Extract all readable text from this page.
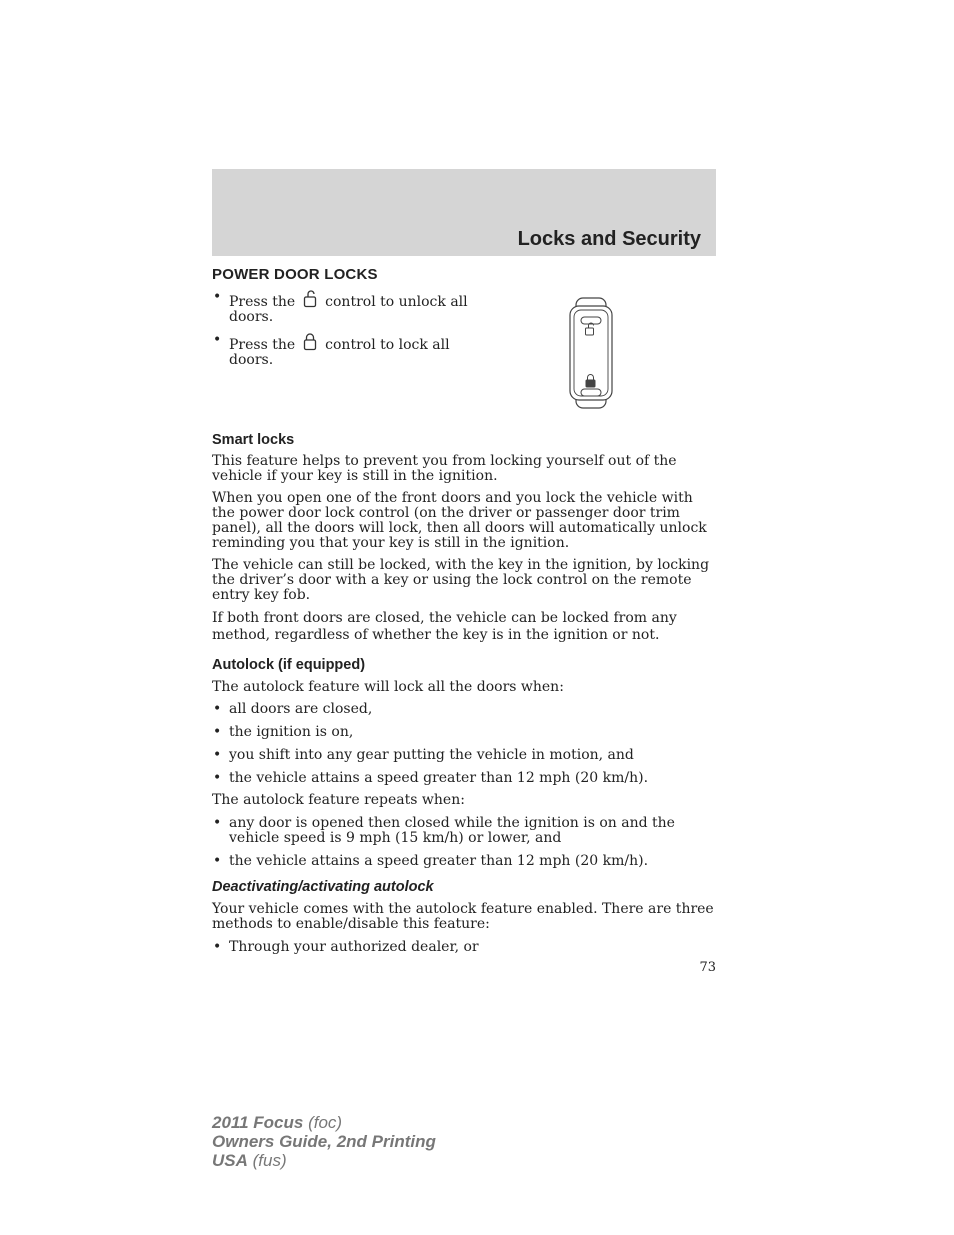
Locks and Security
POWER DOOR LOCKS
• Press the control to unlock all
doors.
• Press the control to lock all
doors.
Smart locks

This feature helps to prevent you from locking yourself out of the vehicle if your key is still in the ignition.

When you open one of the front doors and you lock the vehicle with the power door lock control (on the driver or passenger door trim panel), all the doors will lock, then all doors will automatically unlock reminding you that your key is still in the ignition.

The vehicle can still be locked, with the key in the ignition, by locking the driver’s door with a key or using the lock control on the remote entry key fob.

If both front doors are closed, the vehicle can be locked from any method, regardless of whether the key is in the ignition or not.

Autolock (if equipped)

The autolock feature will lock all the doors when:

• all doors are closed,
• the ignition is on,
• you shift into any gear putting the vehicle in motion, and
• the vehicle attains a speed greater than 12 mph (20 km/h).

The autolock feature repeats when:

• any door is opened then closed while the ignition is on and the vehicle speed is 9 mph (15 km/h) or lower, and
• the vehicle attains a speed greater than 12 mph (20 km/h).
Deactivating/activating autolock

Your vehicle comes with the autolock feature enabled. There are three methods to enable/disable this feature:

• Through your authorized dealer, or
73
2011 Focus (foc)
Owners Guide, 2nd Printing
USA (fus)
